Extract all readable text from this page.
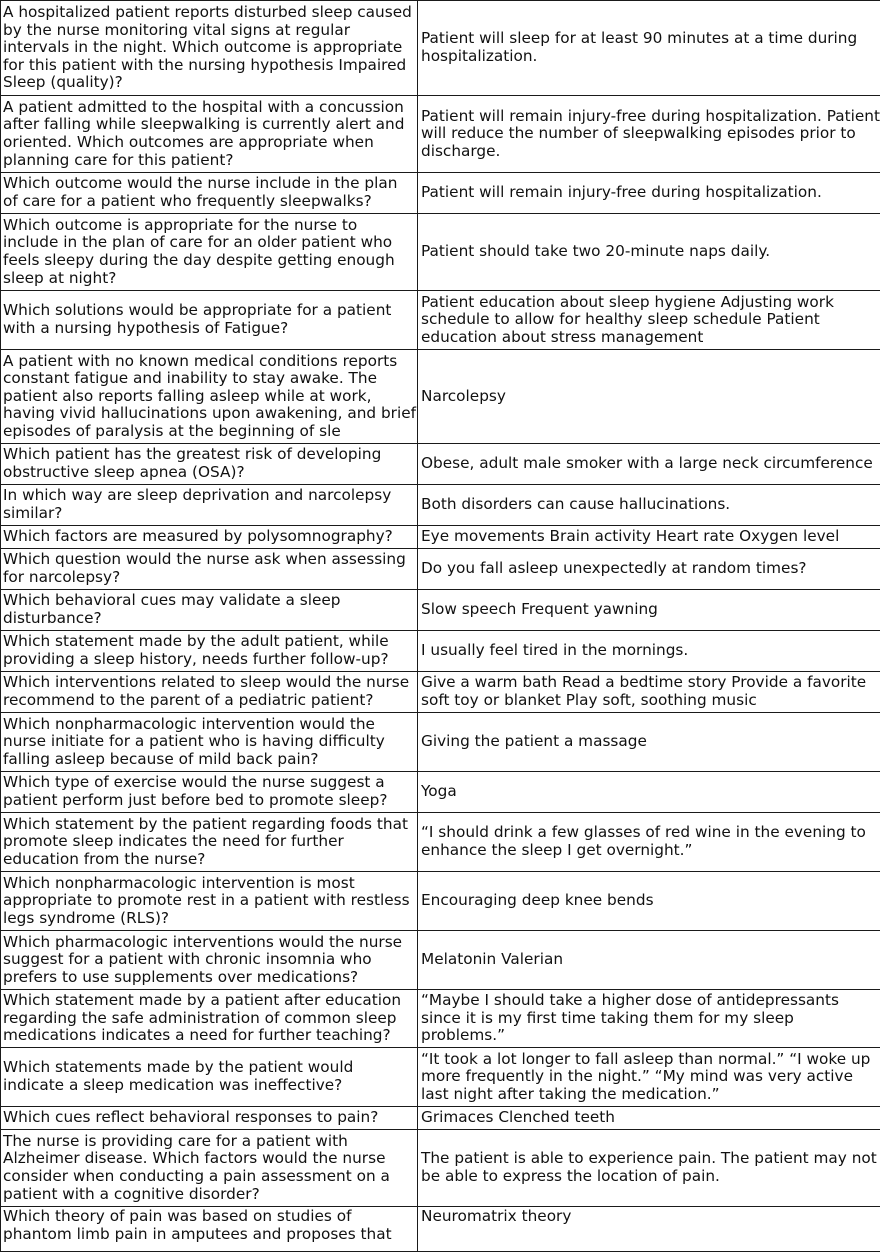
A hospitalized patient reports disturbed sleep caused by the nurse monitoring vital signs at regular intervals in the night. Which outcome is appropriate for this patient with the nursing hypothesis Impaired Sleep (quality)?	Patient will sleep for at least 90 minutes at a time during hospitalization.
A patient admitted to the hospital with a concussion after falling while sleepwalking is currently alert and oriented. Which outcomes are appropriate when planning care for this patient?	Patient will remain injury-free during hospitalization. Patient will reduce the number of sleepwalking episodes prior to discharge.
Which outcome would the nurse include in the plan of care for a patient who frequently sleepwalks?	Patient will remain injury-free during hospitalization.
Which outcome is appropriate for the nurse to include in the plan of care for an older patient who feels sleepy during the day despite getting enough sleep at night?	Patient should take two 20-minute naps daily.
Which solutions would be appropriate for a patient with a nursing hypothesis of Fatigue?	Patient education about sleep hygiene Adjusting work schedule to allow for healthy sleep schedule Patient education about stress management
A patient with no known medical conditions reports constant fatigue and inability to stay awake. The patient also reports falling asleep while at work, having vivid hallucinations upon awakening, and brief episodes of paralysis at the beginning of sle	Narcolepsy
Which patient has the greatest risk of developing obstructive sleep apnea (OSA)?	Obese, adult male smoker with a large neck circumference
In which way are sleep deprivation and narcolepsy similar?	Both disorders can cause hallucinations.
Which factors are measured by polysomnography?	Eye movements Brain activity Heart rate Oxygen level
Which question would the nurse ask when assessing for narcolepsy?	Do you fall asleep unexpectedly at random times?
Which behavioral cues may validate a sleep disturbance?	Slow speech Frequent yawning
Which statement made by the adult patient, while providing a sleep history, needs further follow-up?	I usually feel tired in the mornings.
Which interventions related to sleep would the nurse recommend to the parent of a pediatric patient?	Give a warm bath Read a bedtime story Provide a favorite soft toy or blanket Play soft, soothing music
Which nonpharmacologic intervention would the nurse initiate for a patient who is having difficulty falling asleep because of mild back pain?	Giving the patient a massage
Which type of exercise would the nurse suggest a patient perform just before bed to promote sleep?	Yoga
Which statement by the patient regarding foods that promote sleep indicates the need for further education from the nurse?	“I should drink a few glasses of red wine in the evening to enhance the sleep I get overnight.”
Which nonpharmacologic intervention is most appropriate to promote rest in a patient with restless legs syndrome (RLS)?	Encouraging deep knee bends
Which pharmacologic interventions would the nurse suggest for a patient with chronic insomnia who prefers to use supplements over medications?	Melatonin Valerian
Which statement made by a patient after education regarding the safe administration of common sleep medications indicates a need for further teaching?	“Maybe I should take a higher dose of antidepressants since it is my first time taking them for my sleep problems.”
Which statements made by the patient would indicate a sleep medication was ineffective?	“It took a lot longer to fall asleep than normal.” “I woke up more frequently in the night.” “My mind was very active last night after taking the medication.”
Which cues reflect behavioral responses to pain?	Grimaces Clenched teeth
The nurse is providing care for a patient with Alzheimer disease. Which factors would the nurse consider when conducting a pain assessment on a patient with a cognitive disorder?	The patient is able to experience pain. The patient may not be able to express the location of pain.
Which theory of pain was based on studies of phantom limb pain in amputees and proposes that	Neuromatrix theory
